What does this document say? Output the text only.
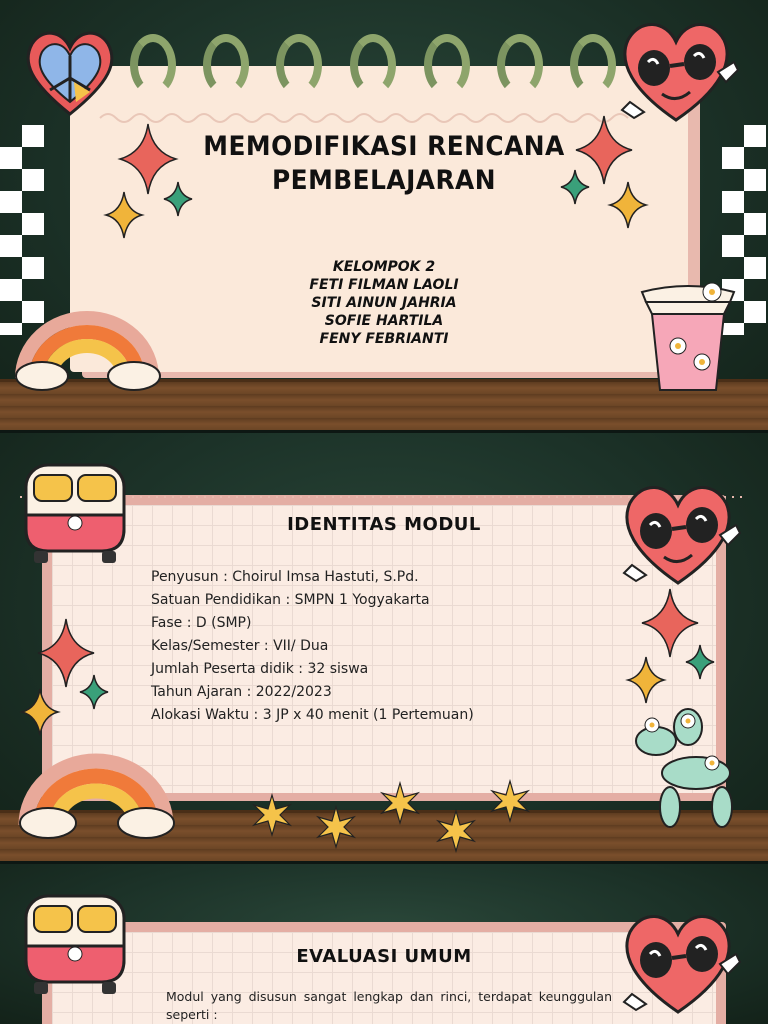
MEMODIFIKASI RENCANA
PEMBELAJARAN
KELOMPOK 2
FETI FILMAN LAOLI
SITI AINUN JAHRIA
SOFIE HARTILA
FENY FEBRIANTI
IDENTITAS MODUL
Penyusun : Choirul Imsa Hastuti, S.Pd.
Satuan Pendidikan : SMPN 1 Yogyakarta
Fase : D (SMP)
Kelas/Semester : VII/ Dua
Jumlah Peserta didik : 32 siswa
Tahun Ajaran : 2022/2023
Alokasi Waktu : 3 JP x 40 menit (1 Pertemuan)
EVALUASI UMUM
Modul yang disusun sangat lengkap dan rinci, terdapat keunggulan seperti :
